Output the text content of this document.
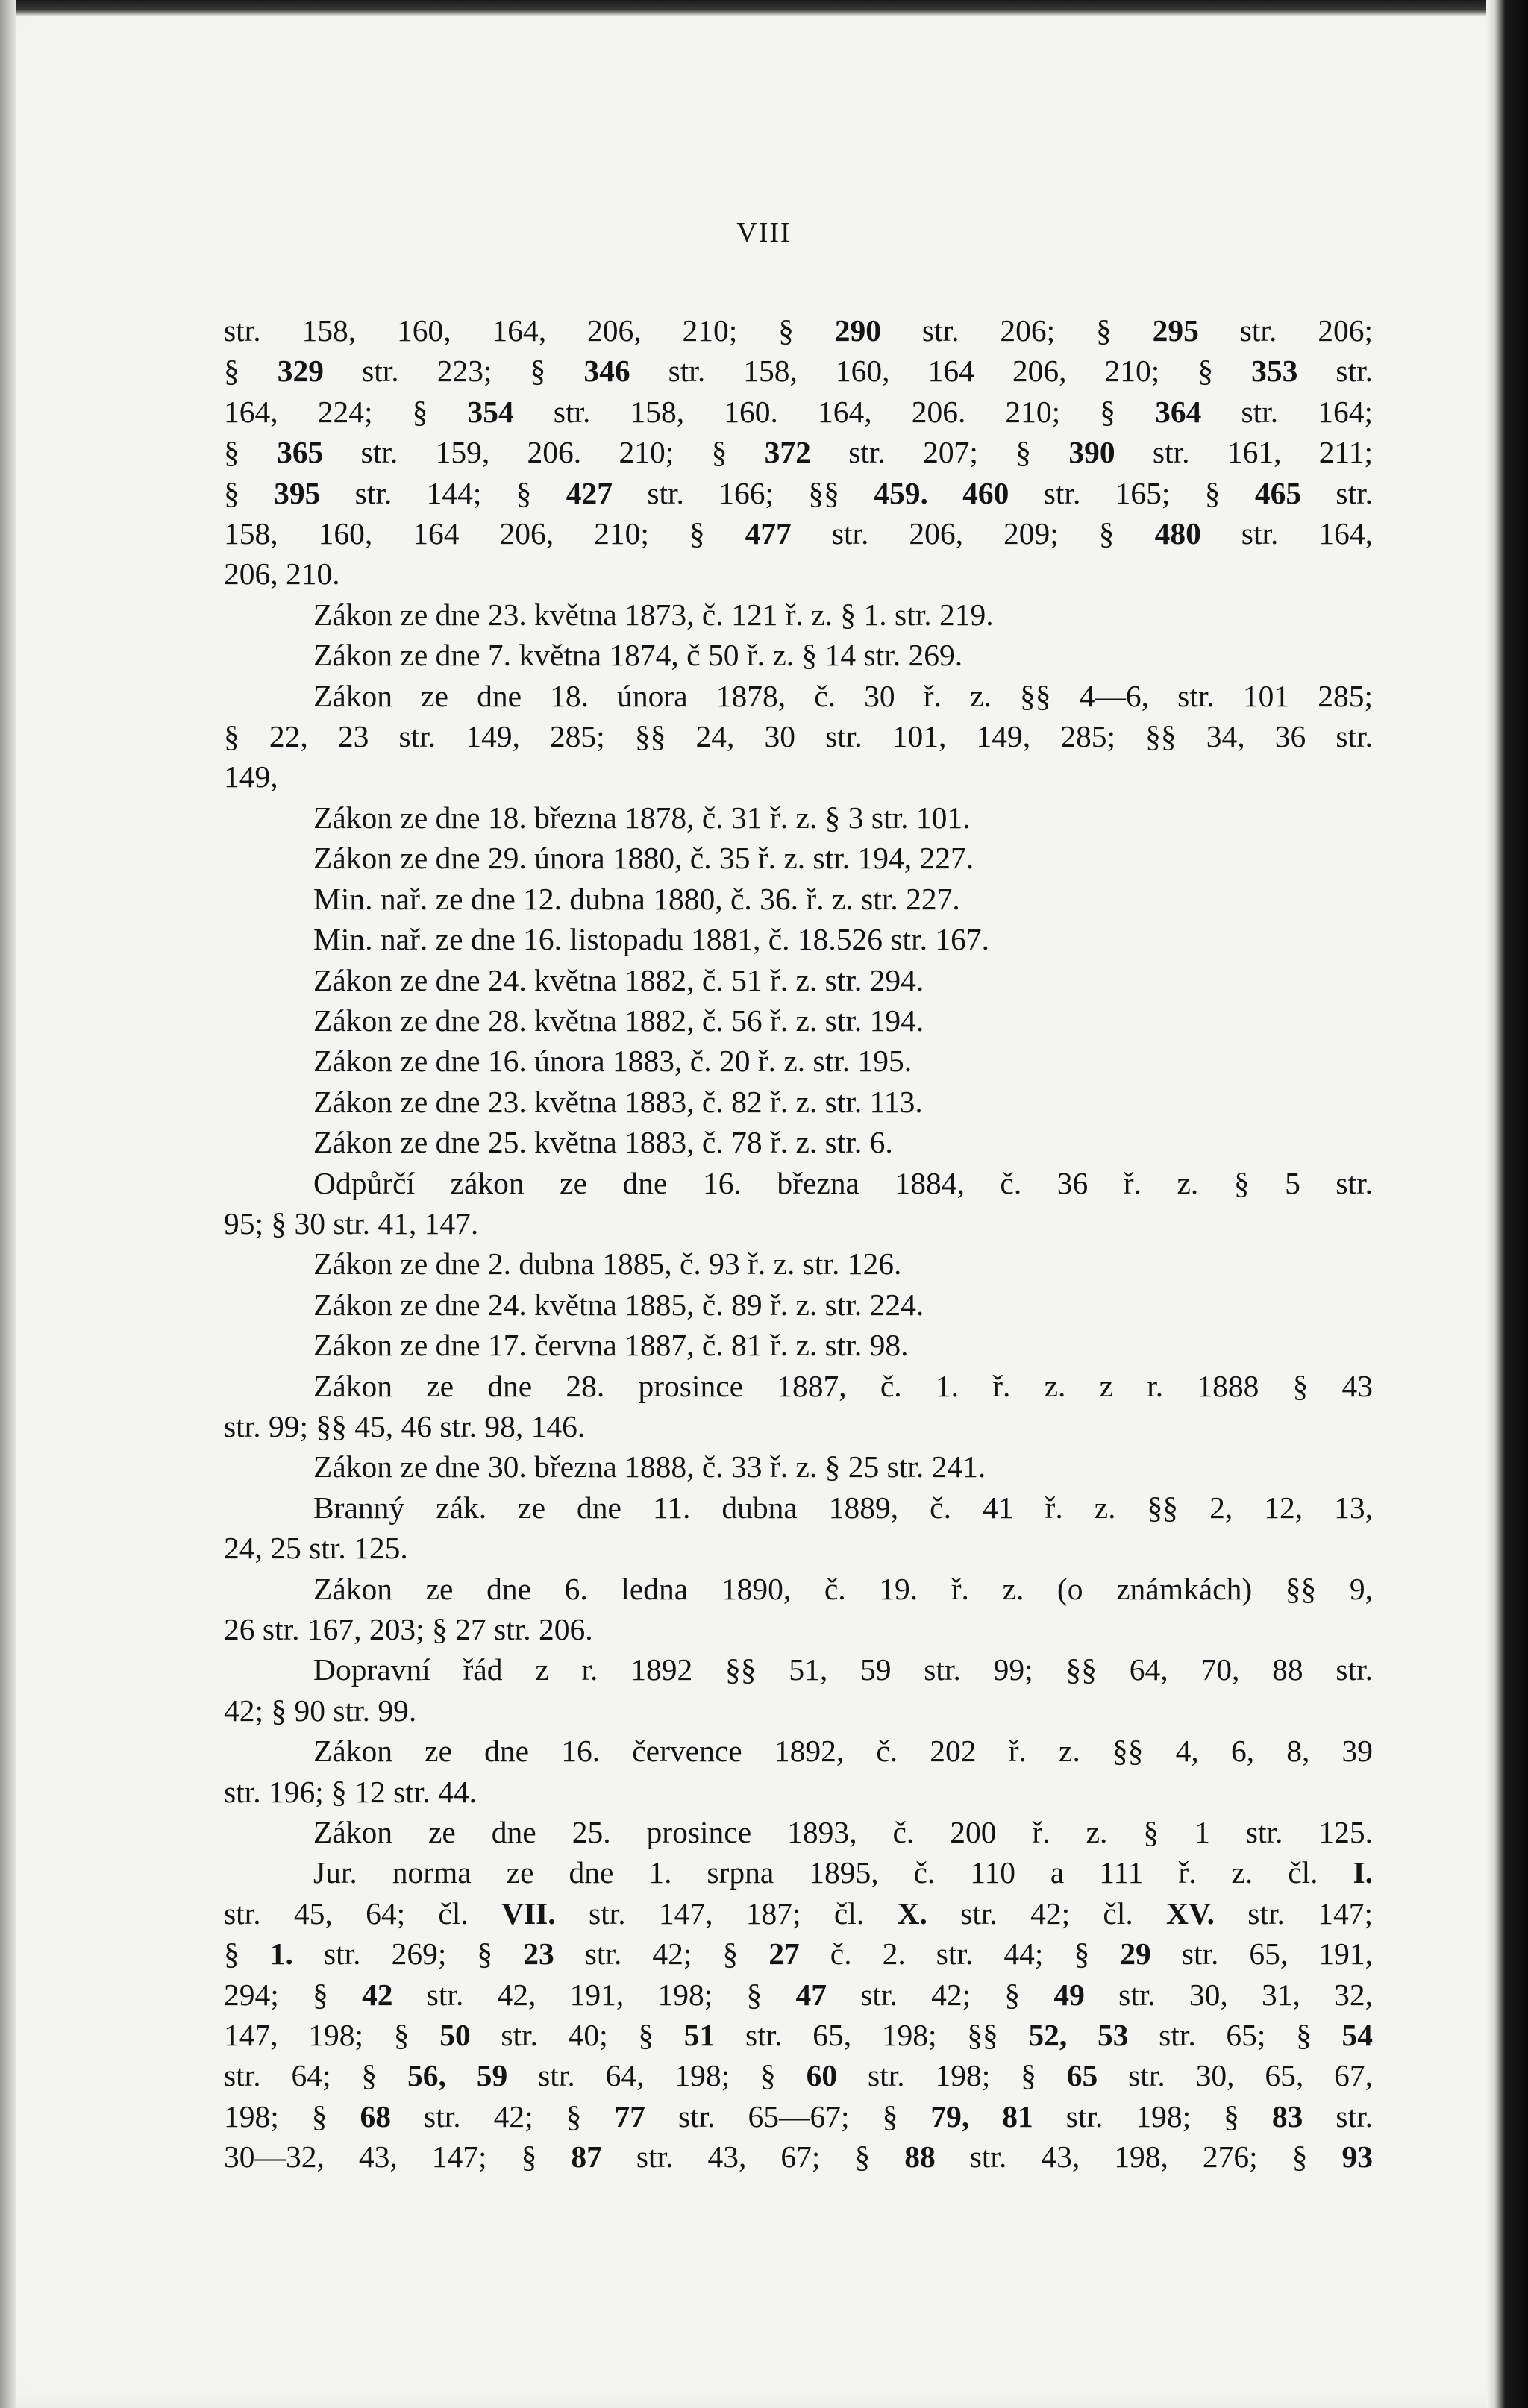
VIII
str. 158, 160, 164, 206, 210; § 290 str. 206; § 295 str. 206;
§ 329 str. 223; § 346 str. 158, 160, 164 206, 210; § 353 str.
164, 224; § 354 str. 158, 160. 164, 206. 210; § 364 str. 164;
§ 365 str. 159, 206. 210; § 372 str. 207; § 390 str. 161, 211;
§ 395 str. 144; § 427 str. 166; §§ 459. 460 str. 165; § 465 str.
158, 160, 164 206, 210; § 477 str. 206, 209; § 480 str. 164,
206, 210.
Zákon ze dne 23. května 1873, č. 121 ř. z. § 1. str. 219.
Zákon ze dne 7. května 1874, č 50 ř. z. § 14 str. 269.
Zákon ze dne 18. února 1878, č. 30 ř. z. §§ 4—6, str. 101 285;
§ 22, 23 str. 149, 285; §§ 24, 30 str. 101, 149, 285; §§ 34, 36 str.
149,
Zákon ze dne 18. března 1878, č. 31 ř. z. § 3 str. 101.
Zákon ze dne 29. února 1880, č. 35 ř. z. str. 194, 227.
Min. nař. ze dne 12. dubna 1880, č. 36. ř. z. str. 227.
Min. nař. ze dne 16. listopadu 1881, č. 18.526 str. 167.
Zákon ze dne 24. května 1882, č. 51 ř. z. str. 294.
Zákon ze dne 28. května 1882, č. 56 ř. z. str. 194.
Zákon ze dne 16. února 1883, č. 20 ř. z. str. 195.
Zákon ze dne 23. května 1883, č. 82 ř. z. str. 113.
Zákon ze dne 25. května 1883, č. 78 ř. z. str. 6.
Odpůrčí zákon ze dne 16. března 1884, č. 36 ř. z. § 5 str.
95; § 30 str. 41, 147.
Zákon ze dne 2. dubna 1885, č. 93 ř. z. str. 126.
Zákon ze dne 24. května 1885, č. 89 ř. z. str. 224.
Zákon ze dne 17. června 1887, č. 81 ř. z. str. 98.
Zákon ze dne 28. prosince 1887, č. 1. ř. z. z r. 1888 § 43
str. 99; §§ 45, 46 str. 98, 146.
Zákon ze dne 30. března 1888, č. 33 ř. z. § 25 str. 241.
Branný zák. ze dne 11. dubna 1889, č. 41 ř. z. §§ 2, 12, 13,
24, 25 str. 125.
Zákon ze dne 6. ledna 1890, č. 19. ř. z. (o známkách) §§ 9,
26 str. 167, 203; § 27 str. 206.
Dopravní řád z r. 1892 §§ 51, 59 str. 99; §§ 64, 70, 88 str.
42; § 90 str. 99.
Zákon ze dne 16. července 1892, č. 202 ř. z. §§ 4, 6, 8, 39
str. 196; § 12 str. 44.
Zákon ze dne 25. prosince 1893, č. 200 ř. z. § 1 str. 125.
Jur. norma ze dne 1. srpna 1895, č. 110 a 111 ř. z. čl. I.
str. 45, 64; čl. VII. str. 147, 187; čl. X. str. 42; čl. XV. str. 147;
§ 1. str. 269; § 23 str. 42; § 27 č. 2. str. 44; § 29 str. 65, 191,
294; § 42 str. 42, 191, 198; § 47 str. 42; § 49 str. 30, 31, 32,
147, 198; § 50 str. 40; § 51 str. 65, 198; §§ 52, 53 str. 65; § 54
str. 64; § 56, 59 str. 64, 198; § 60 str. 198; § 65 str. 30, 65, 67,
198; § 68 str. 42; § 77 str. 65—67; § 79, 81 str. 198; § 83 str.
30—32, 43, 147; § 87 str. 43, 67; § 88 str. 43, 198, 276; § 93
